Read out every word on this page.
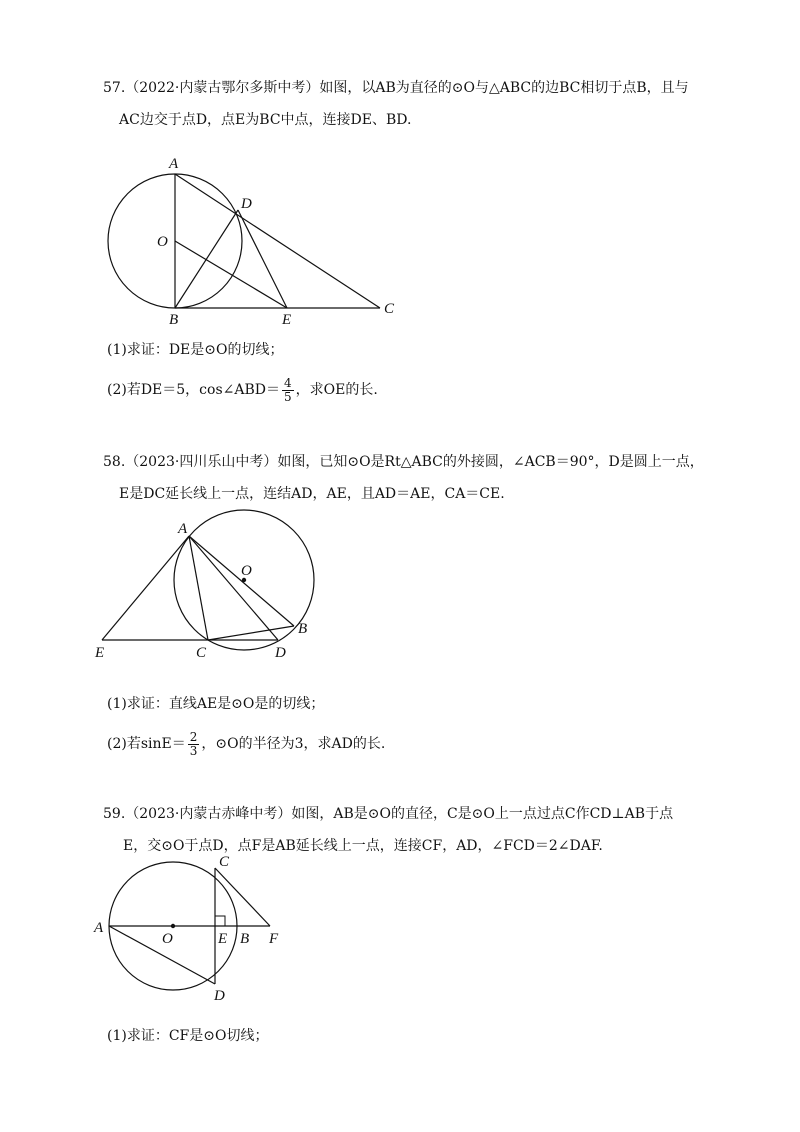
57.（2022·内蒙古鄂尔多斯中考）如图，以AB为直径的⊙O与△ABC的边BC相切于点B，且与
AC边交于点D，点E为BC中点，连接DE、BD.
A
D
O
B	E
C
(1)求证：DE是⊙O的切线；
(2)若DE＝5，cos∠ABD＝ $\frac{4}{5}$ ，求OE的长.
58.（2023·四川乐山中考）如图，已知⊙O是Rt△ABC的外接圆，∠ACB＝90°，D是圆上一点，
E是DC延长线上一点，连结AD，AE，且AD＝AE，CA＝CE.
A
O
B
E	C	D
(1)求证：直线AE是⊙O是的切线；
(2)若$\sin E= \frac{2}{3}$ ，⊙O的半径为3，求AD的长.
59.（2023·内蒙古赤峰中考）如图，AB是⊙O的直径，C是⊙O上一点过点C作CD⊥AB于点
E，交⊙O于点D，点F是AB延长线上一点，连接CF，AD，∠FCD＝2∠DAF.
A
O	E B F
C
D
(1)求证：CF是⊙O切线；
